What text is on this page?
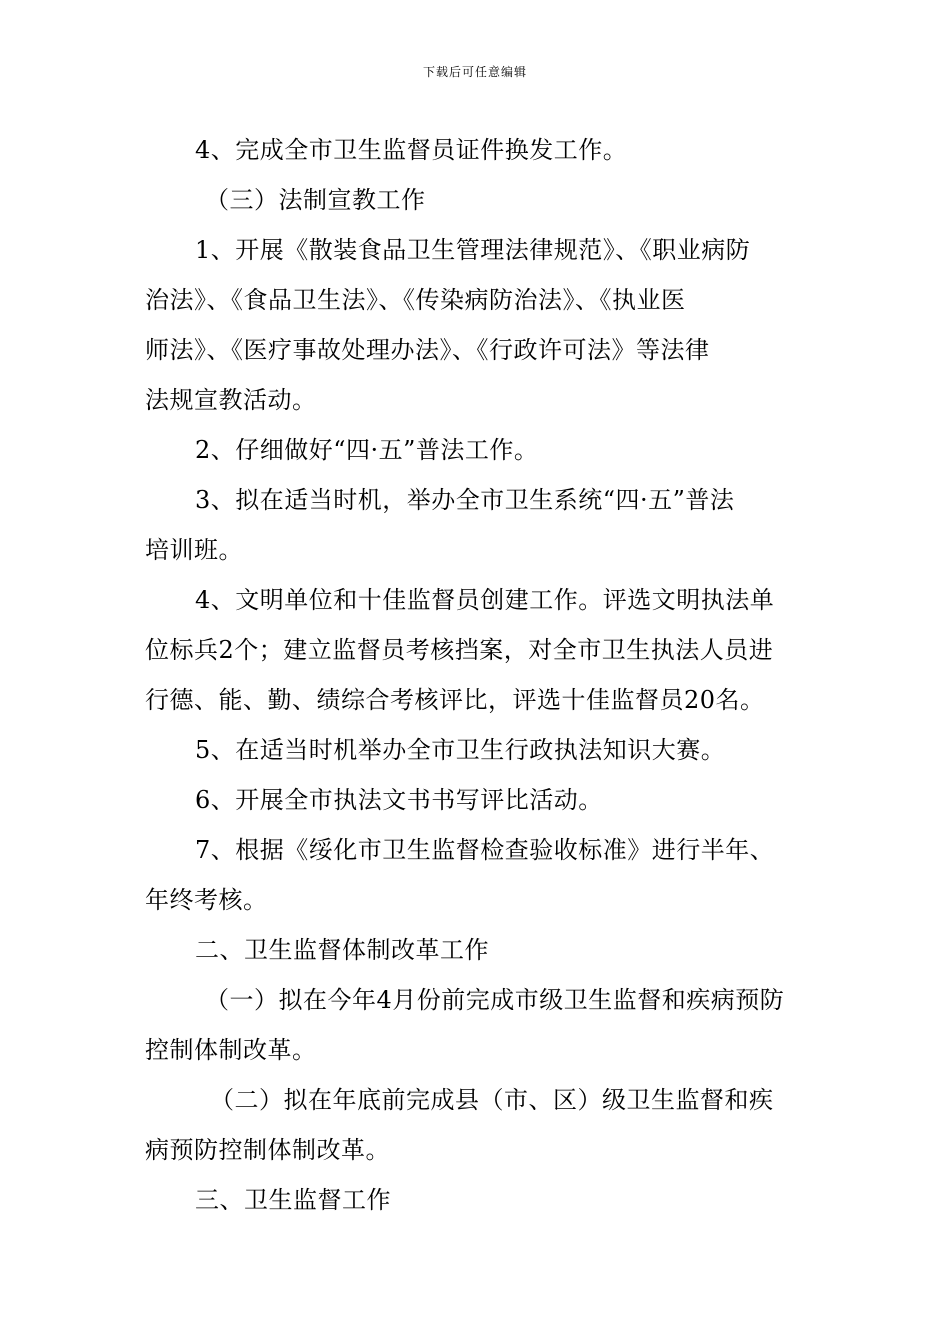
下载后可任意编辑
4、完成全市卫生监督员证件换发工作。
（三）法制宣教工作
1、开展《散装食品卫生管理法律规范》、《职业病防
治法》、《食品卫生法》、《传染病防治法》、《执业医
师法》、《医疗事故处理办法》、《行政许可法》等法律
法规宣教活动。
2、仔细做好“四·五”普法工作。
3、拟在适当时机，举办全市卫生系统“四·五”普法
培训班。
4、文明单位和十佳监督员创建工作。评选文明执法单
位标兵2个；建立监督员考核挡案，对全市卫生执法人员进
行德、能、勤、绩综合考核评比，评选十佳监督员20名。
5、在适当时机举办全市卫生行政执法知识大赛。
6、开展全市执法文书书写评比活动。
7、根据《绥化市卫生监督检查验收标准》进行半年、
年终考核。
二、卫生监督体制改革工作
（一）拟在今年4月份前完成市级卫生监督和疾病预防
控制体制改革。
（二）拟在年底前完成县（市、区）级卫生监督和疾
病预防控制体制改革。
三、卫生监督工作
